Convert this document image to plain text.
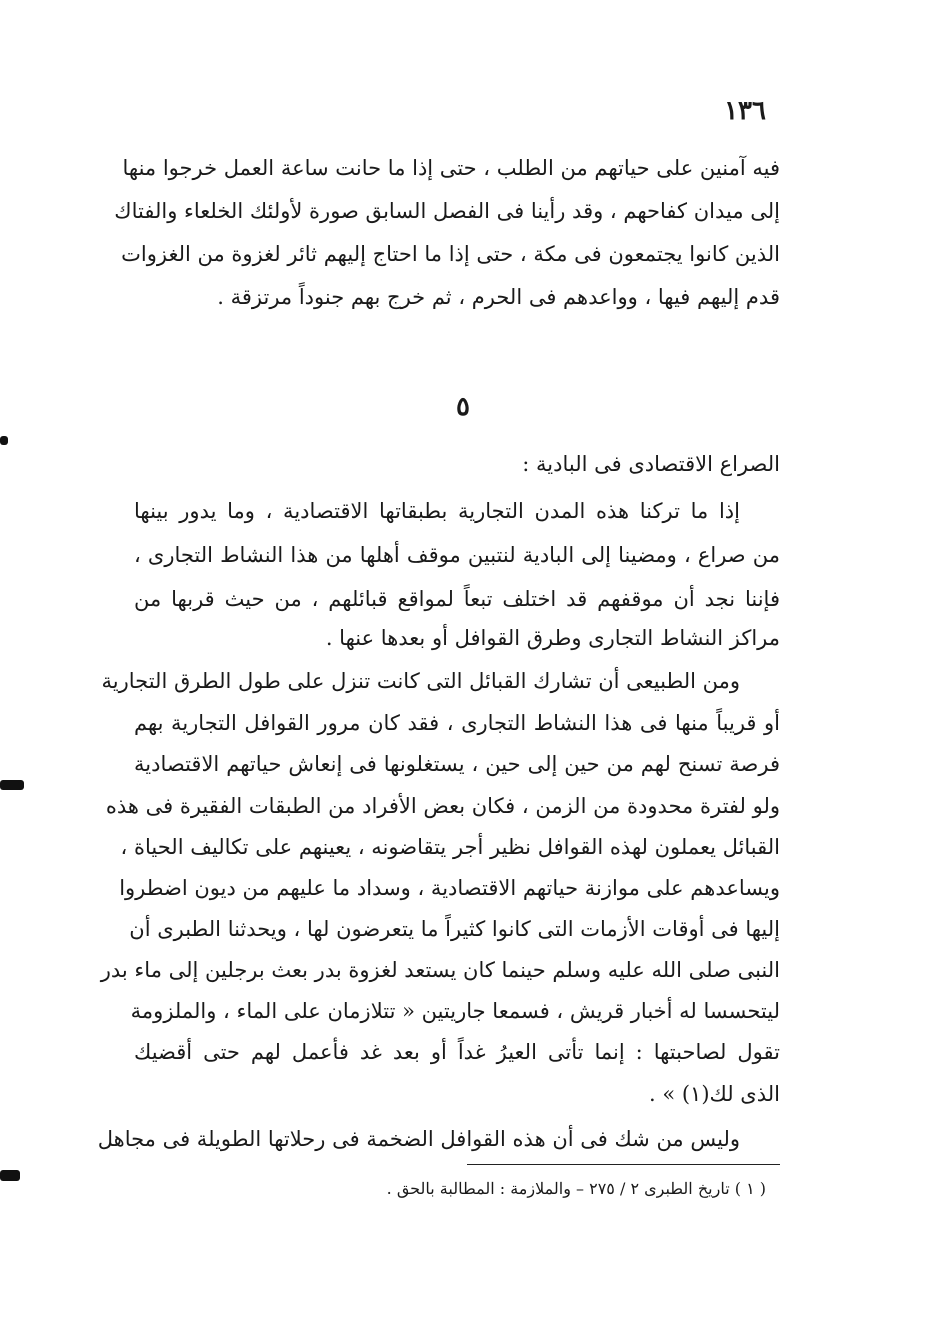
١٣٦
فيه آمنين على حياتهم من الطلب ، حتى إذا ما حانت ساعة العمل خرجوا منها
إلى ميدان كفاحهم ، وقد رأينا فى الفصل السابق صورة لأولئك الخلعاء والفتاك
الذين كانوا يجتمعون فى مكة ، حتى إذا ما احتاج إليهم ثائر لغزوة من الغزوات
قدم إليهم فيها ، وواعدهم فى الحرم ، ثم خرج بهم جنوداً مرتزقة .
٥
الصراع الاقتصادى فى البادية :
إذا ما تركنا هذه المدن التجارية بطبقاتها الاقتصادية ، وما يدور بينها
من صراع ، ومضينا إلى البادية لنتبين موقف أهلها من هذا النشاط التجارى ،
فإننا نجد أن موقفهم قد اختلف تبعاً لمواقع قبائلهم ، من حيث قربها من
مراكز النشاط التجارى وطرق القوافل أو بعدها عنها .
ومن الطبيعى أن تشارك القبائل التى كانت تنزل على طول الطرق التجارية
أو قريباً منها فى هذا النشاط التجارى ، فقد كان مرور القوافل التجارية بهم
فرصة تسنح لهم من حين إلى حين ، يستغلونها فى إنعاش حياتهم الاقتصادية
ولو لفترة محدودة من الزمن ، فكان بعض الأفراد من الطبقات الفقيرة فى هذه
القبائل يعملون لهذه القوافل نظير أجر يتقاضونه ، يعينهم على تكاليف الحياة ،
ويساعدهم على موازنة حياتهم الاقتصادية ، وسداد ما عليهم من ديون اضطروا
إليها فى أوقات الأزمات التى كانوا كثيراً ما يتعرضون لها ، ويحدثنا الطبرى أن
النبى صلى الله عليه وسلم حينما كان يستعد لغزوة بدر بعث برجلين إلى ماء بدر
ليتحسسا له أخبار قريش ، فسمعا جاريتين « تتلازمان على الماء ، والملزومة
تقول لصاحبتها : إنما تأتى العيرُ غداً أو بعد غد فأعمل لهم حتى أقضيك
الذى لك(١) » .
وليس من شك فى أن هذه القوافل الضخمة فى رحلاتها الطويلة فى مجاهل
( ١ ) تاريخ الطبرى ٢ / ٢٧٥ – والملازمة : المطالبة بالحق .
